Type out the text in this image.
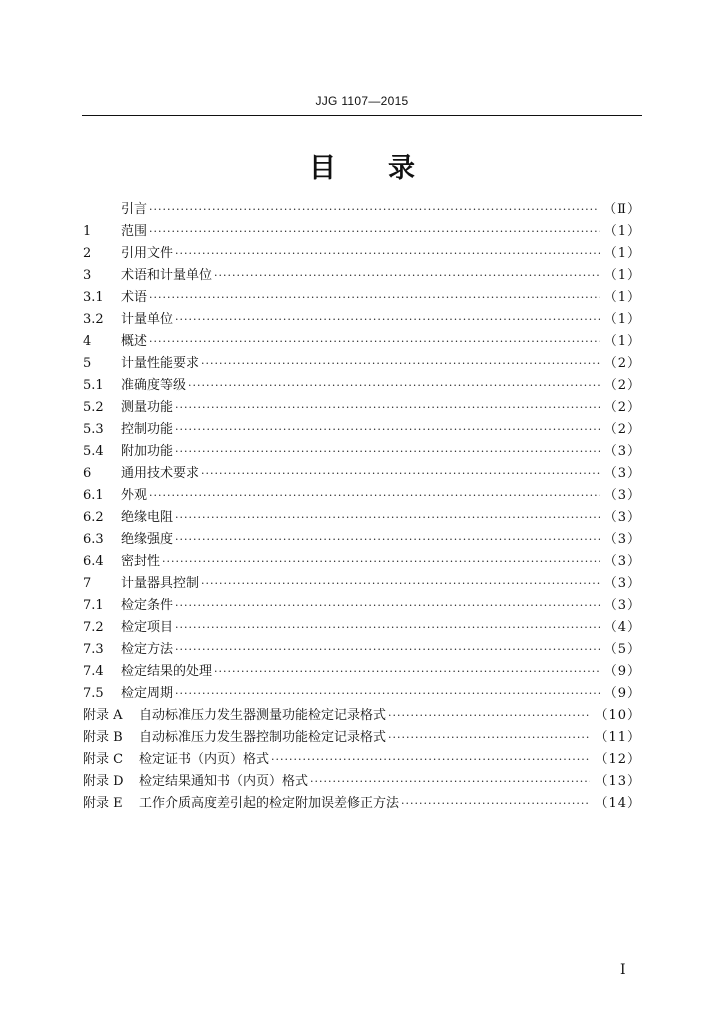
JJG 1107—2015
目 录
引言 ·····	（Ⅱ）
1	范围 ·····	（1）
2	引用文件 ·····	（1）
3	术语和计量单位 ·····	（1）
3.1	术语 ·····	（1）
3.2	计量单位 ·····	（1）
4	概述 ·····	（1）
5	计量性能要求 ·····	（2）
5.1	准确度等级 ·····	（2）
5.2	测量功能 ·····	（2）
5.3	控制功能 ·····	（2）
5.4	附加功能 ·····	（3）
6	通用技术要求 ·····	（3）
6.1	外观 ·····	（3）
6.2	绝缘电阻 ·····	（3）
6.3	绝缘强度 ·····	（3）
6.4	密封性 ·····	（3）
7	计量器具控制 ·····	（3）
7.1	检定条件 ·····	（3）
7.2	检定项目 ·····	（4）
7.3	检定方法 ·····	（5）
7.4	检定结果的处理 ·····	（9）
7.5	检定周期 ·····	（9）
附录 A	自动标准压力发生器测量功能检定记录格式 ·····	（10）
附录 B	自动标准压力发生器控制功能检定记录格式 ·····	（11）
附录 C	检定证书（内页）格式 ·····	（12）
附录 D	检定结果通知书（内页）格式 ·····	（13）
附录 E	工作介质高度差引起的检定附加误差修正方法 ·····	（14）
I
